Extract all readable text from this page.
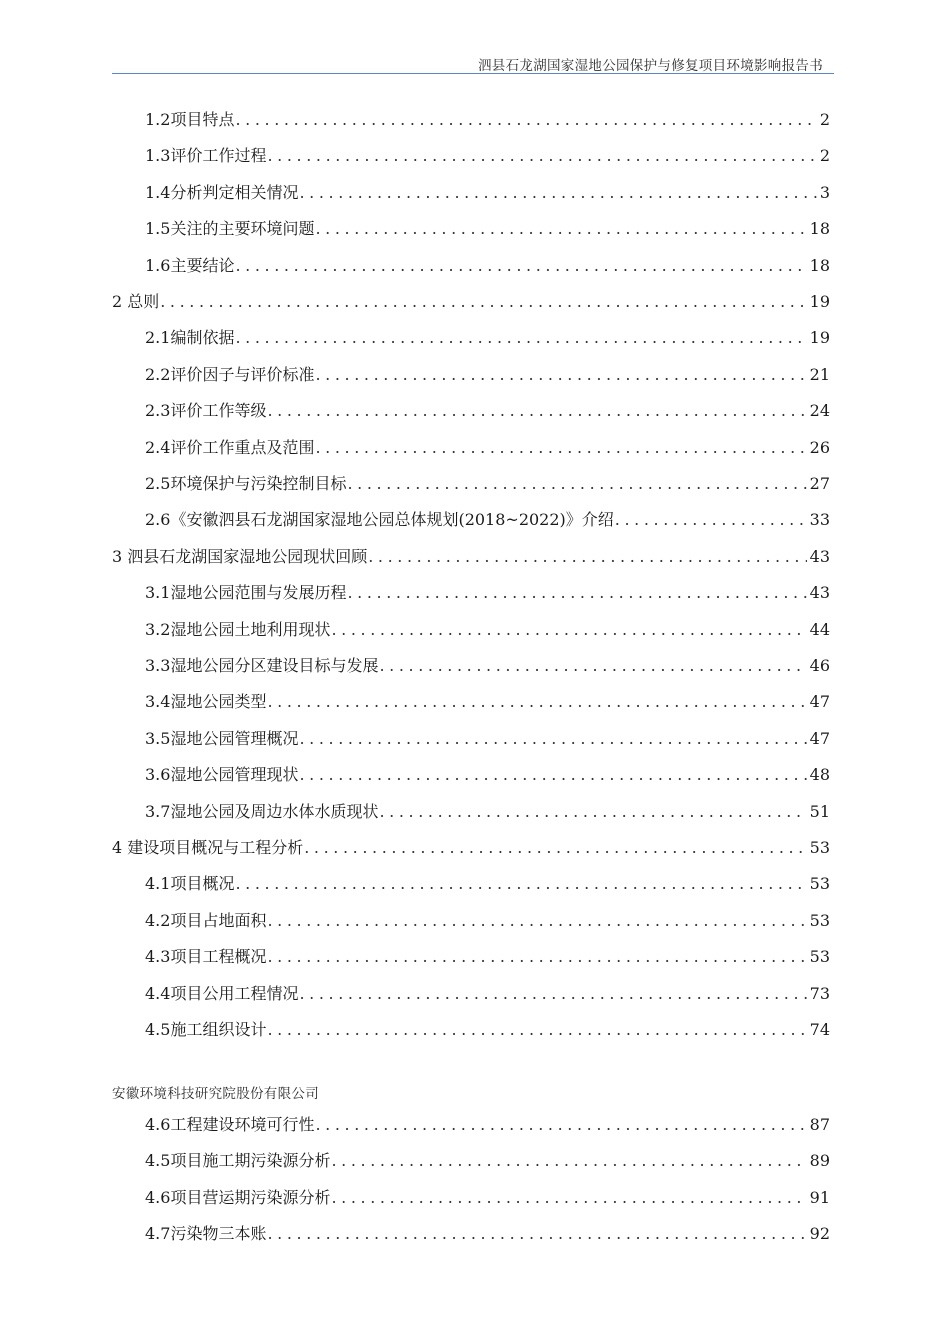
泗县石龙湖国家湿地公园保护与修复项目环境影响报告书
1.2 项目特点 .....	2
1.3 评价工作过程 .....	2
1.4 分析判定相关情况 .....	3
1.5 关注的主要环境问题 .....	18
1.6 主要结论 .....	18
2 总则 .....	19
2.1 编制依据 .....	19
2.2 评价因子与评价标准 .....	21
2.3 评价工作等级 .....	24
2.4 评价工作重点及范围 .....	26
2.5 环境保护与污染控制目标 .....	27
2.6 《安徽泗县石龙湖国家湿地公园总体规划(2018~2022)》介绍 .....	33
3 泗县石龙湖国家湿地公园现状回顾 .....	43
3.1 湿地公园范围与发展历程 .....	43
3.2 湿地公园土地利用现状 .....	44
3.3 湿地公园分区建设目标与发展 .....	46
3.4 湿地公园类型 .....	47
3.5 湿地公园管理概况 .....	47
3.6 湿地公园管理现状 .....	48
3.7 湿地公园及周边水体水质现状 .....	51
4 建设项目概况与工程分析 .....	53
4.1 项目概况 .....	53
4.2 项目占地面积 .....	53
4.3 项目工程概况 .....	53
4.4 项目公用工程情况 .....	73
4.5 施工组织设计 .....	74
安徽环境科技研究院股份有限公司
4.6 工程建设环境可行性 .....	87
4.5 项目施工期污染源分析 .....	89
4.6 项目营运期污染源分析 .....	91
4.7 污染物三本账 .....	92
